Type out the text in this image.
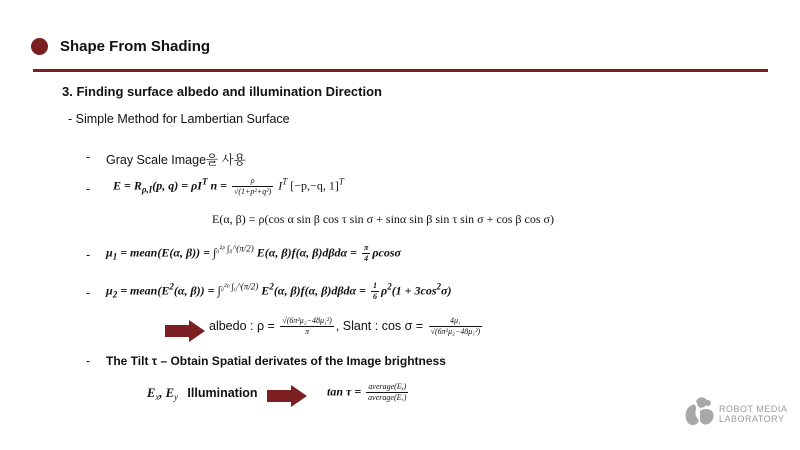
Shape From Shading
3. Finding surface albedo and illumination Direction
- Simple Method for Lambertian Surface
- Gray Scale Image을 사용
- $E = R_{\rho,I}(p$, $q) = \rho I^T$ $n = \frac{\rho}{\text{√(1+p²+q²)}} I^T$ [−p,−q, 1]$^T$
E(α, β) = ρ(cos α sin β cos τ sin σ + sinα sin β sin τ sin σ + cos β cos σ)
- $\mu_1$ = mean(E(α, β)) = ∫$^{_0^2ᵖ \int_0\^{}(\pi/2)}$ E(α, β)f(α, $\beta)d\beta d\alpha = \frac{\pi}{4}$ ρcosσ
- $\mu_2$ = $mean(E^2(\alpha$, β)) = ∫$^{_0^2ᵖ \int_0\^{}(\pi/2)}$ $E^2(\alpha$, β)f(α, $\beta)d\beta d\alpha = \frac{1}{6} \rho^2(1 + 3\cos^2\sigma)$
albedo : $\rho = \frac{\text{√(6π²μ₂−48μ₁²)}}{\pi}$ , Slant : $\cos \sigma = \frac{\text{4μ₁}}{\text{√(6π²μ₂−48μ₁²)}}$
- The Tilt τ – Obtain Spatial derivates of the Image brightness
$E_x$, $E_y$ Illumination	$\tan \tau = \frac{\text{average(Eᵧ)}}{\text{average(Eₓ)}}$
ROBOT MEDIA
LABORATORY
